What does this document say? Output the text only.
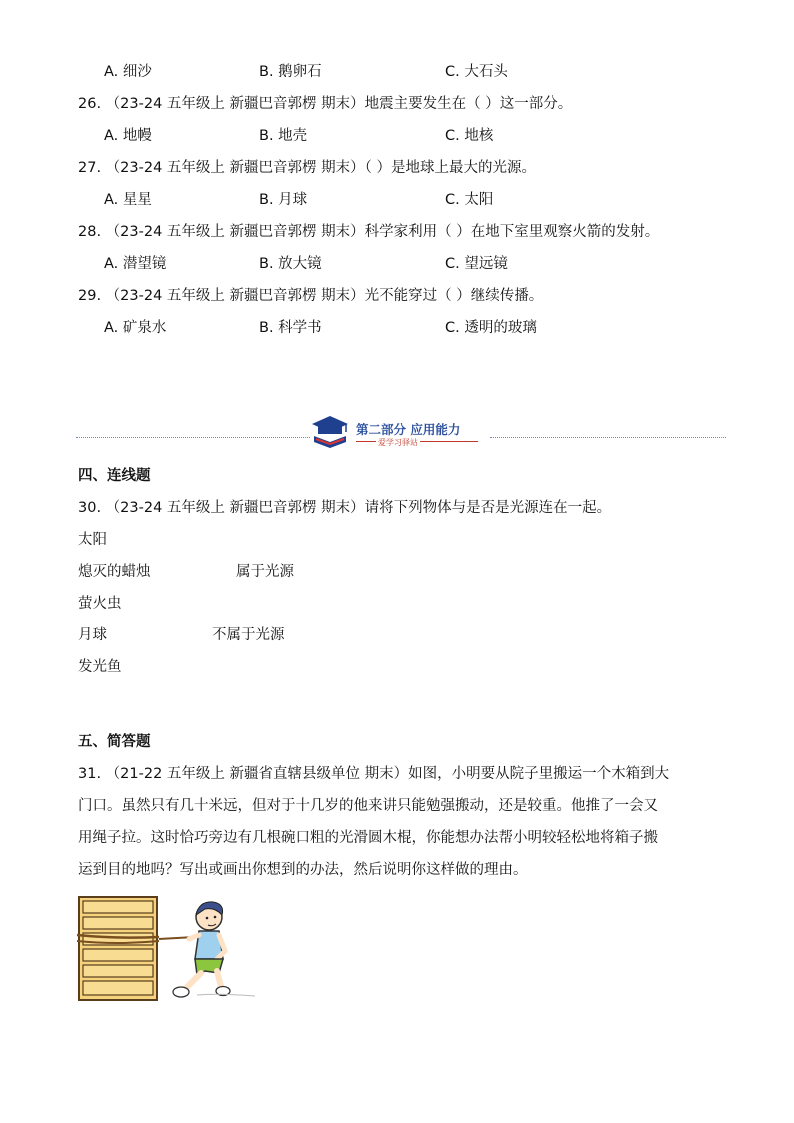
A. 细沙	B. 鹅卵石	C. 大石头
26. （23-24 五年级上 新疆巴音郭楞 期末）地震主要发生在（ ）这一部分。
A. 地幔	B. 地壳	C. 地核
27. （23-24 五年级上 新疆巴音郭楞 期末）（ ）是地球上最大的光源。
A. 星星	B. 月球	C. 太阳
28. （23-24 五年级上 新疆巴音郭楞 期末）科学家利用（ ）在地下室里观察火箭的发射。
A. 潜望镜	B. 放大镜	C. 望远镜
29. （23-24 五年级上 新疆巴音郭楞 期末）光不能穿过（ ）继续传播。
A. 矿泉水	B. 科学书	C. 透明的玻璃
第二部分 应用能力
爱学习驿站
四、连线题
30. （23-24 五年级上 新疆巴音郭楞 期末）请将下列物体与是否是光源连在一起。
太阳
熄灭的蜡烛	属于光源
萤火虫
月球	不属于光源
发光鱼
五、简答题
31. （21-22 五年级上 新疆省直辖县级单位 期末）如图，小明要从院子里搬运一个木箱到大
门口。虽然只有几十米远，但对于十几岁的他来讲只能勉强搬动，还是较重。他推了一会又
用绳子拉。这时恰巧旁边有几根碗口粗的光滑圆木棍，你能想办法帮小明较轻松地将箱子搬
运到目的地吗？写出或画出你想到的办法，然后说明你这样做的理由。
